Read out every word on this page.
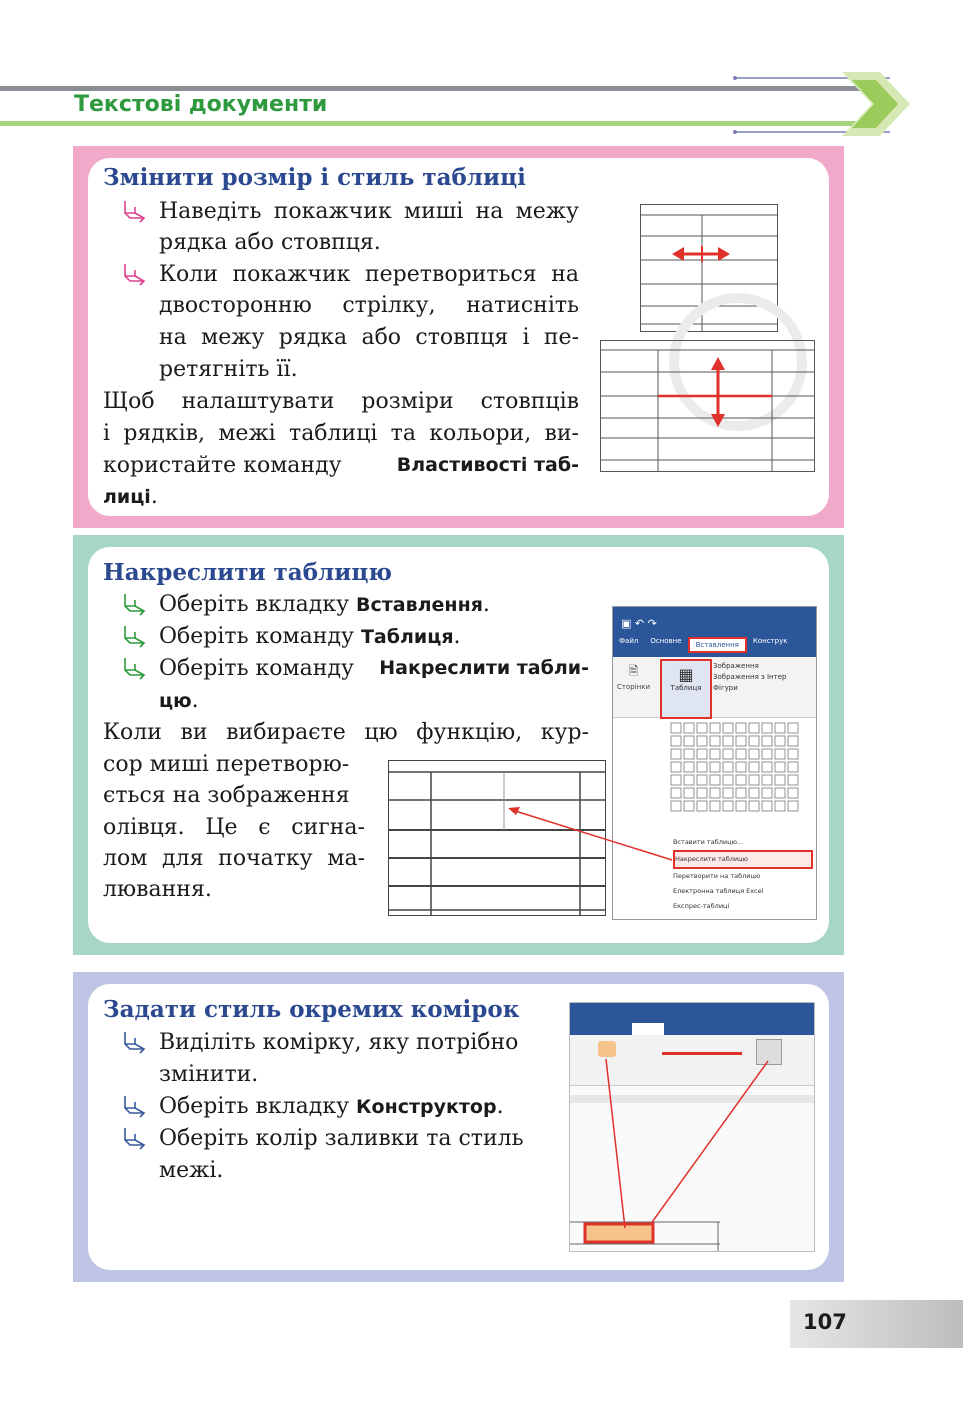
Текстові документи
Змінити розмір і стиль таблиці
Наведіть покажчик миші на межу
рядка або стовпця.
Коли покажчик перетвориться на
двосторонню стрілку, натисніть
на межу рядка або стовпця і пе-
ретягніть її.
Щоб налаштувати розміри стовпців
і рядків, межі таблиці та кольори, ви-
користайте команду	Властивості таб-
лиці.
Накреслити таблицю
Оберіть вкладку Вставлення.
Оберіть команду Таблиця.
Оберіть команду Накреслити табли-
цю.
Коли ви вибираєте цю функцію, кур-
сор миші перетворю-
ється на зображення
олівця. Це є сигна-
лом для початку ма-
лювання.
▣ ↶ ↷
Файл	Основне	Вставлення	Конструк
🗎
Сторінки
▦
Таблиця
Зображення
Зображення з Інтер
Фігури
Вставити таблицю...
Накреслити таблицю
Перетворити на таблицю
Електронна таблиця Excel
Експрес-таблиці
Задати стиль окремих комірок
Виділіть комірку, яку потрібно
змінити.
Оберіть вкладку Конструктор.
Оберіть колір заливки та стиль
межі.
107
